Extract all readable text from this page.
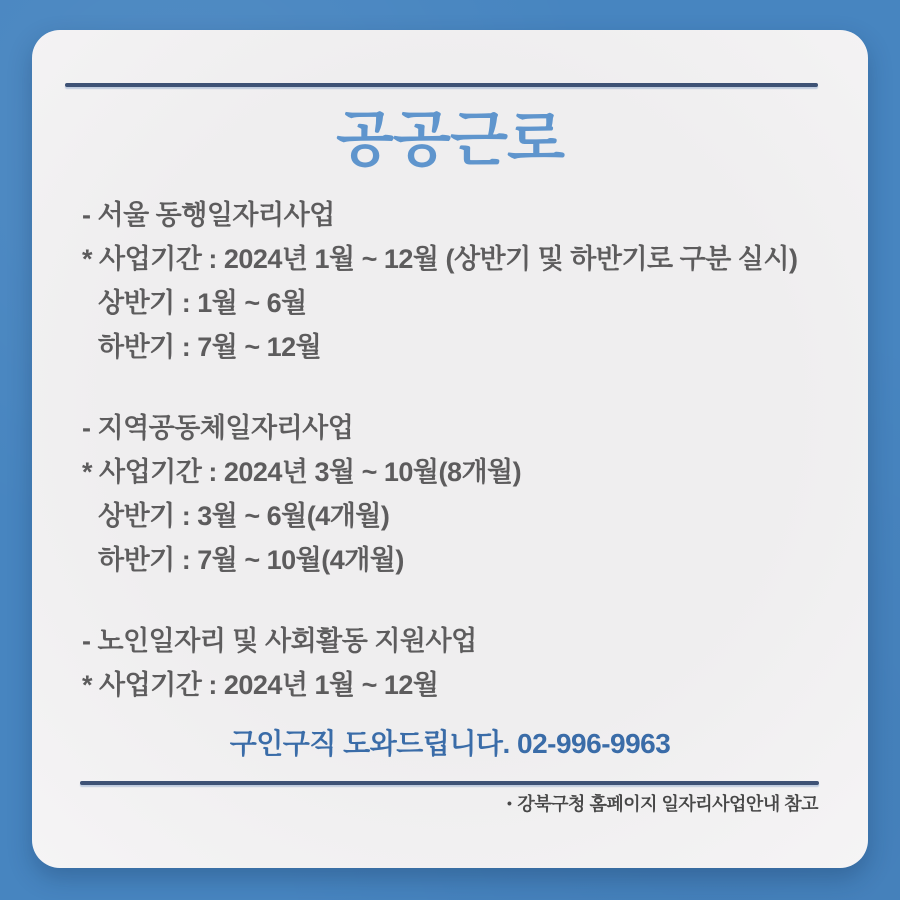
공공근로

- 서울 동행일자리사업

* 사업기간 : 2024년 1월 ~ 12월 (상반기 및 하반기로 구분 실시)

상반기 : 1월 ~ 6월

하반기 : 7월 ~ 12월

- 지역공동체일자리사업

* 사업기간 : 2024년 3월 ~ 10월(8개월)

상반기 : 3월 ~ 6월(4개월)

하반기 : 7월 ~ 10월(4개월)

- 노인일자리 및 사회활동 지원사업

* 사업기간 : 2024년 1월 ~ 12월

구인구직 도와드립니다. 02-996-9963

• 강북구청 홈페이지 일자리사업안내 참고
